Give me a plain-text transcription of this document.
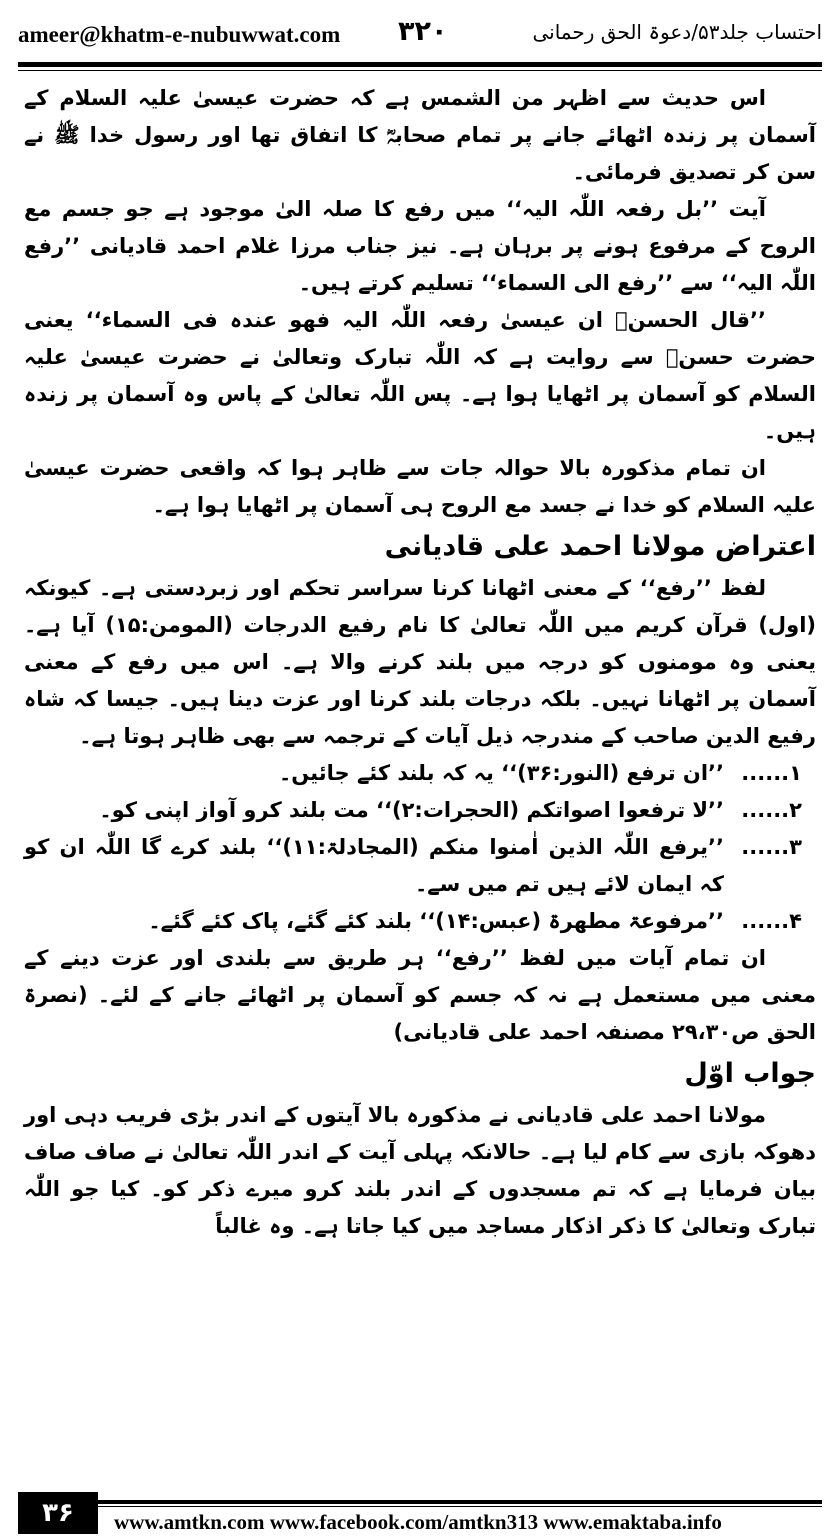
ameer@khatm-e-nubuwwat.com ۳۲۰	احتساب جلد۵۳/دعوۃ الحق رحمانی

اس حدیث سے اظہر من الشمس ہے کہ حضرت عیسیٰ علیہ السلام کے آسمان پر زندہ اٹھائے جانے پر تمام صحابہؓ کا اتفاق تھا اور رسول خدا ﷺ نے سن کر تصدیق فرمائی۔

آیت ’’بل رفعہ اللّٰہ الیہ‘‘ میں رفع کا صلہ الیٰ موجود ہے جو جسم مع الروح کے مرفوع ہونے پر برہان ہے۔ نیز جناب مرزا غلام احمد قادیانی ’’رفع اللّٰہ الیہ‘‘ سے ’’رفع الی السماء‘‘ تسلیم کرتے ہیں۔

’’قال الحسنؒ ان عیسیٰ رفعہ اللّٰہ الیہ فھو عندہ فی السماء‘‘ یعنی حضرت حسنؓ سے روایت ہے کہ اللّٰہ تبارک وتعالیٰ نے حضرت عیسیٰ علیہ السلام کو آسمان پر اٹھایا ہوا ہے۔ پس اللّٰہ تعالیٰ کے پاس وہ آسمان پر زندہ ہیں۔

ان تمام مذکورہ بالا حوالہ جات سے ظاہر ہوا کہ واقعی حضرت عیسیٰ علیہ السلام کو خدا نے جسد مع الروح ہی آسمان پر اٹھایا ہوا ہے۔

اعتراض مولانا احمد علی قادیانی

لفظ ’’رفع‘‘ کے معنی اٹھانا کرنا سراسر تحکم اور زبردستی ہے۔ کیونکہ (اول) قرآن کریم میں اللّٰہ تعالیٰ کا نام رفیع الدرجات (المومن:۱۵) آیا ہے۔ یعنی وہ مومنوں کو درجہ میں بلند کرنے والا ہے۔ اس میں رفع کے معنی آسمان پر اٹھانا نہیں۔ بلکہ درجات بلند کرنا اور عزت دینا ہیں۔ جیسا کہ شاہ رفیع الدین صاحب کے مندرجہ ذیل آیات کے ترجمہ سے بھی ظاہر ہوتا ہے۔

۱......
’’ان ترفع (النور:۳۶)‘‘ یہ کہ بلند کئے جائیں۔
۲......
’’لا ترفعوا اصواتکم (الحجرات:۲)‘‘ مت بلند کرو آواز اپنی کو۔
۳......
’’یرفع اللّٰہ الذین اٰمنوا منکم (المجادلۃ:۱۱)‘‘ بلند کرے گا اللّٰہ ان کو کہ ایمان لائے ہیں تم میں سے۔
۴......
’’مرفوعۃ مطھرۃ (عبس:۱۴)‘‘ بلند کئے گئے، پاک کئے گئے۔

ان تمام آیات میں لفظ ’’رفع‘‘ ہر طریق سے بلندی اور عزت دینے کے معنی میں مستعمل ہے نہ کہ جسم کو آسمان پر اٹھائے جانے کے لئے۔ (نصرۃ الحق ص۲۹،۳۰ مصنفہ احمد علی قادیانی)

جواب اوّل

مولانا احمد علی قادیانی نے مذکورہ بالا آیتوں کے اندر بڑی فریب دہی اور دھوکہ بازی سے کام لیا ہے۔ حالانکہ پہلی آیت کے اندر اللّٰہ تعالیٰ نے صاف صاف بیان فرمایا ہے کہ تم مسجدوں کے اندر بلند کرو میرے ذکر کو۔ کیا جو اللّٰہ تبارک وتعالیٰ کا ذکر اذکار مساجد میں کیا جاتا ہے۔ وہ غالباً

۳۶	www.amtkn.com www.facebook.com/amtkn313 www.emaktaba.info
